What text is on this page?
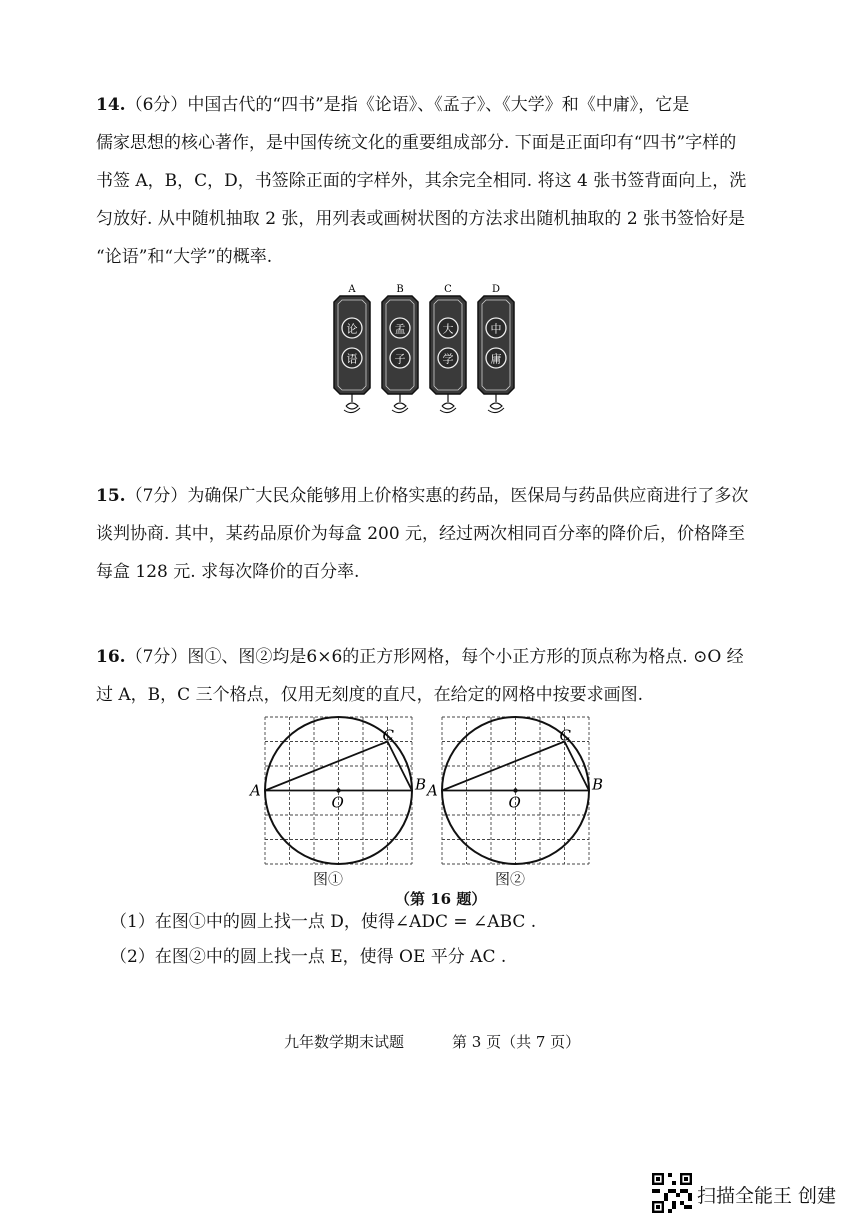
14.（6分）中国古代的“四书”是指《论语》、《孟子》、《大学》和《中庸》，它是
儒家思想的核心著作，是中国传统文化的重要组成部分. 下面是正面印有“四书”字样的
书签 A，B，C，D，书签除正面的字样外，其余完全相同. 将这 4 张书签背面向上，洗
匀放好. 从中随机抽取 2 张，用列表或画树状图的方法求出随机抽取的 2 张书签恰好是
“论语”和“大学”的概率.
A
论
语
B
孟
子
C
大
学
D
中
庸
15.（7分）为确保广大民众能够用上价格实惠的药品，医保局与药品供应商进行了多次
谈判协商. 其中，某药品原价为每盒 200 元，经过两次相同百分率的降价后，价格降至
每盒 128 元. 求每次降价的百分率.
16.（7分）图①、图②均是6×6的正方形网格，每个小正方形的顶点称为格点. ⊙O 经
过 A，B，C 三个格点，仅用无刻度的直尺，在给定的网格中按要求画图.
A	B
C
O
图①
A	B
C
O
图②
（第 16 题）
（1）在图①中的圆上找一点 D，使得∠ADC = ∠ABC .
（2）在图②中的圆上找一点 E，使得 OE 平分 AC .
九年数学期末试题	第 3 页（共 7 页）
扫描全能王 创建
